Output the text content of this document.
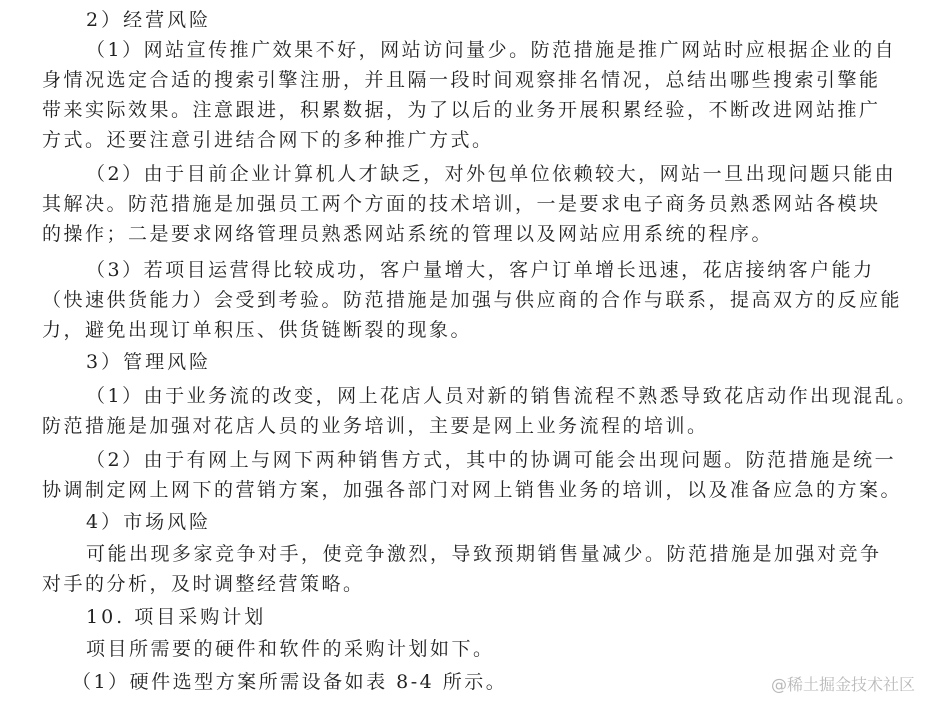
2）经营风险
（1）网站宣传推广效果不好，网站访问量少。防范措施是推广网站时应根据企业的自
身情况选定合适的搜索引擎注册，并且隔一段时间观察排名情况，总结出哪些搜索引擎能
带来实际效果。注意跟进，积累数据，为了以后的业务开展积累经验，不断改进网站推广
方式。还要注意引进结合网下的多种推广方式。
（2）由于目前企业计算机人才缺乏，对外包单位依赖较大，网站一旦出现问题只能由
其解决。防范措施是加强员工两个方面的技术培训，一是要求电子商务员熟悉网站各模块
的操作；二是要求网络管理员熟悉网站系统的管理以及网站应用系统的程序。
（3）若项目运营得比较成功，客户量增大，客户订单增长迅速，花店接纳客户能力
（快速供货能力）会受到考验。防范措施是加强与供应商的合作与联系，提高双方的反应能
力，避免出现订单积压、供货链断裂的现象。
3）管理风险
（1）由于业务流的改变，网上花店人员对新的销售流程不熟悉导致花店动作出现混乱。
防范措施是加强对花店人员的业务培训，主要是网上业务流程的培训。
（2）由于有网上与网下两种销售方式，其中的协调可能会出现问题。防范措施是统一
协调制定网上网下的营销方案，加强各部门对网上销售业务的培训，以及准备应急的方案。
4）市场风险
可能出现多家竞争对手，使竞争激烈，导致预期销售量减少。防范措施是加强对竞争
对手的分析，及时调整经营策略。
10. 项目采购计划
项目所需要的硬件和软件的采购计划如下。
（1）硬件选型方案所需设备如表 8-4 所示。	@稀土掘金技术社区
